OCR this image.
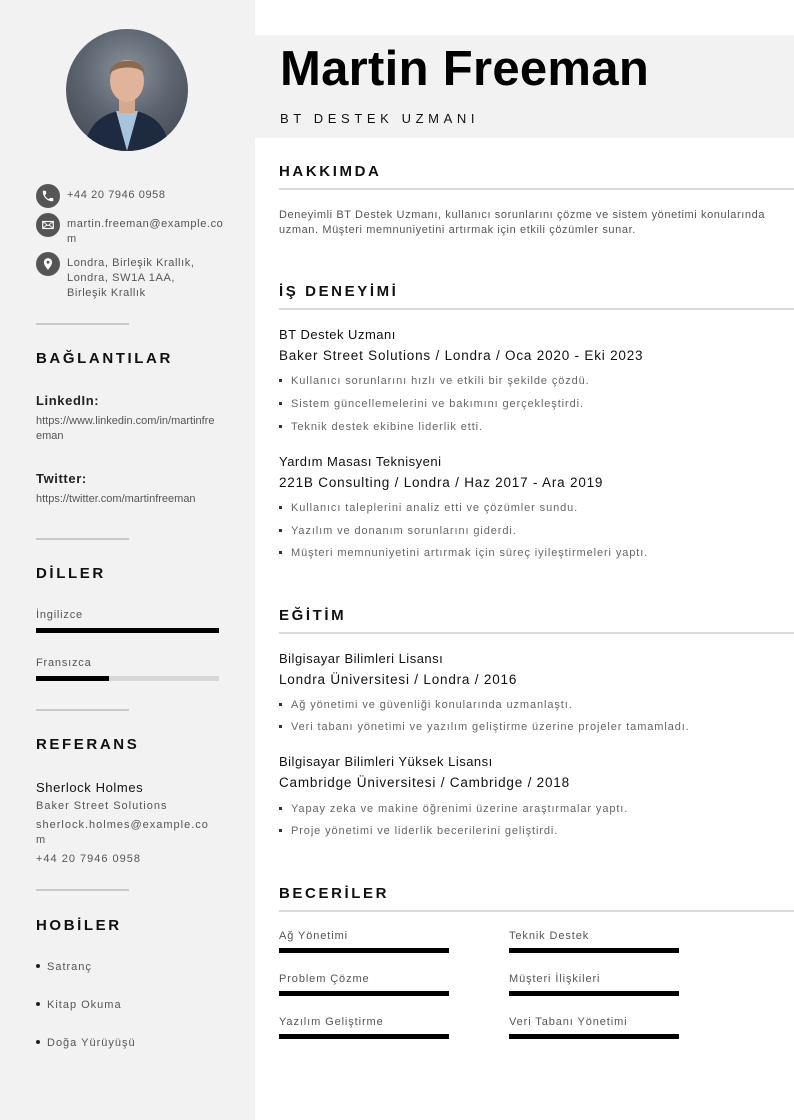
+44 20 7946 0958
martin.freeman@example.com
Londra, Birleşik Krallık, Londra, SW1A 1AA, Birleşik Krallık
BAĞLANTILAR
LinkedIn:
https://www.linkedin.com/in/martinfreeman
Twitter:
https://twitter.com/martinfreeman
DİLLER
İngilizce
Fransızca
REFERANS
Sherlock Holmes
Baker Street Solutions
sherlock.holmes@example.com
+44 20 7946 0958
HOBİLER
Satranç
Kitap Okuma
Doğa Yürüyüşü
Martin Freeman
BT DESTEK UZMANI
HAKKIMDA

Deneyimli BT Destek Uzmanı, kullanıcı sorunlarını çözme ve sistem yönetimi konularında uzman. Müşteri memnuniyetini artırmak için etkili çözümler sunar.

İŞ DENEYİMİ
BT Destek Uzmanı
Baker Street Solutions / Londra / Oca 2020 - Eki 2023
Kullanıcı sorunlarını hızlı ve etkili bir şekilde çözdü.
Sistem güncellemelerini ve bakımını gerçekleştirdi.
Teknik destek ekibine liderlik etti.
Yardım Masası Teknisyeni
221B Consulting / Londra / Haz 2017 - Ara 2019
Kullanıcı taleplerini analiz etti ve çözümler sundu.
Yazılım ve donanım sorunlarını giderdi.
Müşteri memnuniyetini artırmak için süreç iyileştirmeleri yaptı.
EĞİTİM
Bilgisayar Bilimleri Lisansı
Londra Üniversitesi / Londra / 2016
Ağ yönetimi ve güvenliği konularında uzmanlaştı.
Veri tabanı yönetimi ve yazılım geliştirme üzerine projeler tamamladı.
Bilgisayar Bilimleri Yüksek Lisansı
Cambridge Üniversitesi / Cambridge / 2018
Yapay zeka ve makine öğrenimi üzerine araştırmalar yaptı.
Proje yönetimi ve liderlik becerilerini geliştirdi.
BECERİLER
Ağ Yönetimi	Teknik Destek
Problem Çözme	Müşteri İlişkileri
Yazılım Geliştirme	Veri Tabanı Yönetimi
